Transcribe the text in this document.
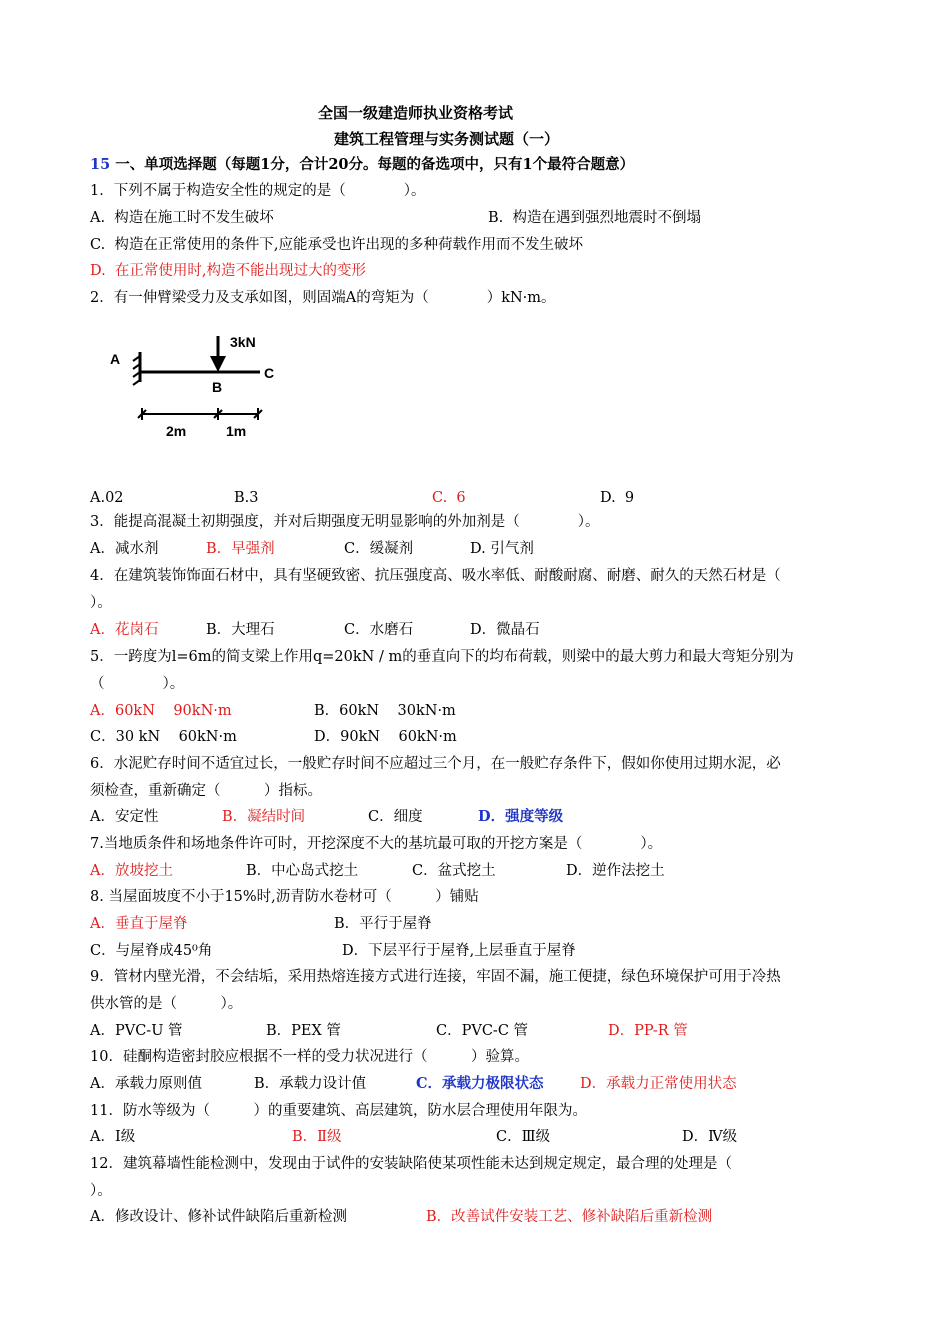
全国一级建造师执业资格考试
建筑工程管理与实务测试题（一）
15 一、单项选择题（每题1分，合计20分。每题的备选项中，只有1个最符合题意）
1．下列不属于构造安全性的规定的是（　　　　）。
A.  构造在施工时不发生破坏	B.  构造在遇到强烈地震时不倒塌
C.  构造在正常使用的条件下,应能承受也许出现的多种荷载作用而不发生破坏
D.  在正常使用时,构造不能出现过大的变形
2．有一伸臂梁受力及支承如图，则固端A的弯矩为（　　　　）kN·m。
A
3kN
B
C
2m	1m
A.02	B.3	C.  6	D.  9
3．能提高混凝土初期强度，并对后期强度无明显影响的外加剂是（　　　　）。
A．减水剂	B．早强剂	C．缓凝剂	D. 引气剂
4．在建筑装饰饰面石材中，具有坚硬致密、抗压强度高、吸水率低、耐酸耐腐、耐磨、耐久的天然石材是（
）。
A．花岗石	B．大理石	C．水磨石	D．微晶石
5．一跨度为l=6m的简支梁上作用q=20kN / m的垂直向下的均布荷载，则梁中的最大剪力和最大弯矩分别为
（　　　　）。
A．60kN    90kN·m	B．60kN    30kN·m
C．30 kN    60kN·m	D．90kN    60kN·m
6．水泥贮存时间不适宜过长，一般贮存时间不应超过三个月，在一般贮存条件下，假如你使用过期水泥，必
须检查，重新确定（　　　）指标。
A．安定性	B．凝结时间	C．细度	D．强度等级
7.当地质条件和场地条件许可时，开挖深度不大的基坑最可取的开挖方案是（　　　　）。
A．放坡挖土	B．中心岛式挖土	C．盆式挖土	D．逆作法挖土
8. 当屋面坡度不小于15%时,沥青防水卷材可（　　　）铺贴
A．垂直于屋脊	B．平行于屋脊
C．与屋脊成45⁰角	D．下层平行于屋脊,上层垂直于屋脊
9．管材内壁光滑，不会结垢，采用热熔连接方式进行连接，牢固不漏，施工便捷，绿色环境保护可用于冷热
供水管的是（　　　）。
A．PVC-U 管	B．PEX 管	C．PVC-C 管	D．PP-R 管
10．硅酮构造密封胶应根据不一样的受力状况进行（　　　）验算。
A．承载力原则值	B．承载力设计值	C．承载力极限状态	D．承载力正常使用状态
11．防水等级为（　　　）的重要建筑、高层建筑，防水层合理使用年限为。
A．Ⅰ级	B．Ⅱ级	C．Ⅲ级	D．Ⅳ级
12．建筑幕墙性能检测中，发现由于试件的安装缺陷使某项性能未达到规定规定，最合理的处理是（
）。
A．修改设计、修补试件缺陷后重新检测	B．改善试件安装工艺、修补缺陷后重新检测
